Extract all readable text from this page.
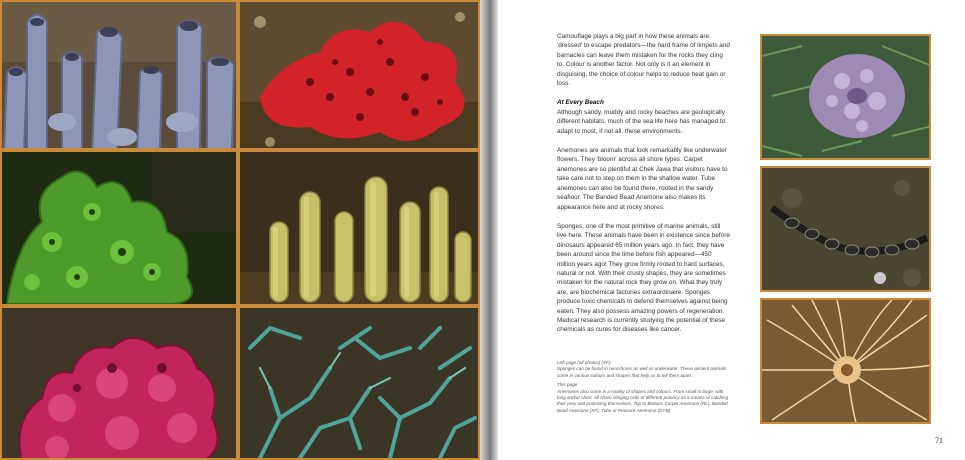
Camouflage plays a big part in how these animals are 'dressed' to escape predators—the hard frame of limpets and barnacles can leave them mistaken for the rocks they cling to. Colour is another factor. Not only is it an element in disguising, the choice of colour helps to reduce heat gain or loss.

At Every Beach

Although sandy, muddy and rocky beaches are geologically different habitats, much of the sea life here has managed to adapt to most, if not all, these environments.

Anemones are animals that look remarkably like underwater flowers. They 'bloom' across all shore types. Carpet anemones are so plentiful at Chek Jawa that visitors have to take care not to step on them in the shallow water. Tube anemones can also be found there, rooted in the sandy seafloor. The Banded Bead Anemone also makes its appearance here and at rocky shores.

Sponges, one of the most primitive of marine animals, still live here. These animals have been in existence since before dinosaurs appeared 65 million years ago. In fact, they have been around since the time before fish appeared—450 million years ago! They grow firmly rooted to hard surfaces, natural or not. With their crusty shapes, they are sometimes mistaken for the natural rock they grow on. What they truly are, are biochemical factories extraordinaire. Sponges produce toxic chemicals to defend themselves against being eaten. They also possess amazing powers of regeneration. Medical research is currently studying the potential of these chemicals as cures for diseases like cancer.

Left page (all photos) (XF):
Sponges can be found in nearshores as well as underwater. These ancient animals come in various colours and shapes that help us to tell them apart.

This page:
Anemones also come in a variety of shapes and colours. From small to large, with long and/or short. All share stinging cells of different potency as a means of catching their prey and protecting themselves. Top to Bottom: Carpet Anemone (RL), Banded Bead Anemone (XF), Tube or Peacock Anemone (DYB).

71
